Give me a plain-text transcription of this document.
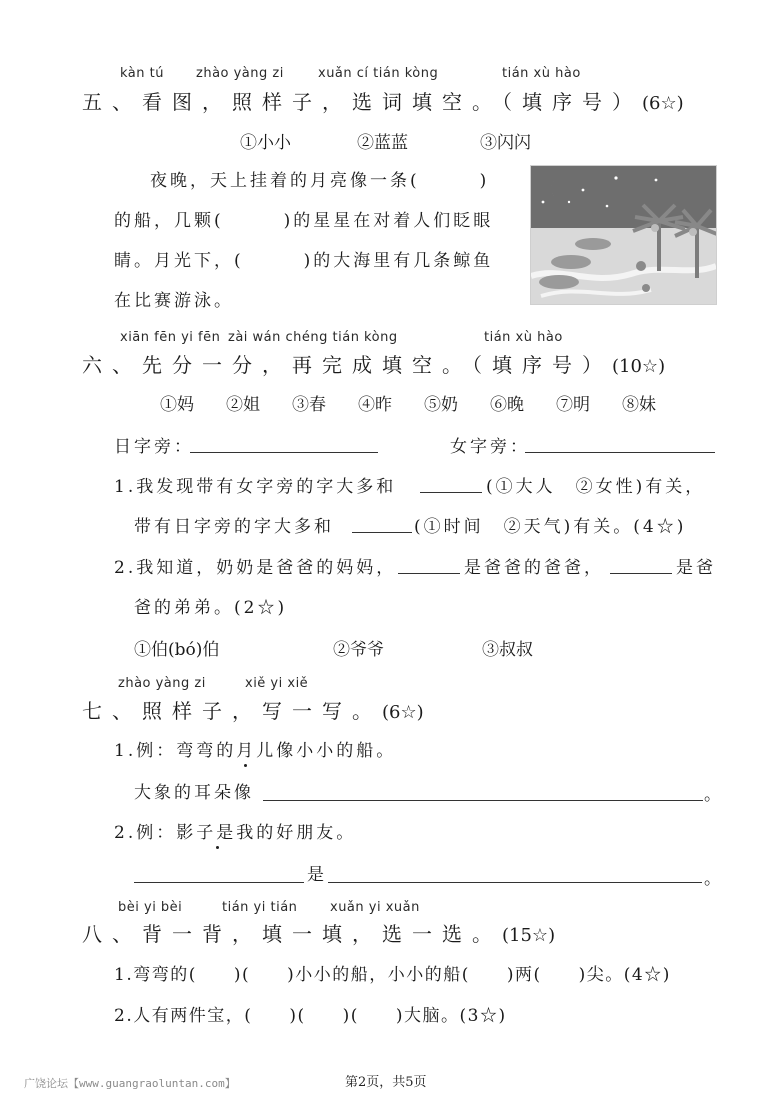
kàn tú zhào yàng zi	xuǎn cí tián kòng	tián xù hào
五、看图，照样子，选词填空。（填序号）(6☆)
①小小	②蓝蓝	③闪闪
夜晚，天上挂着的月亮像一条(　　　)
的船，几颗(　　　)的星星在对着人们眨眼
睛。月光下，(　　　)的大海里有几条鲸鱼
在比赛游泳。
xiān fēn yi fēn zài wán chéng tián kòng	tián xù hào
六、先分一分，再完成填空。（填序号）(10☆)
①妈 ②姐 ③春 ④昨 ⑤奶 ⑥晚 ⑦明 ⑧妹
日字旁：	女字旁：
1.我发现带有女字旁的字大多和	(①大人　②女性)有关，
带有日字旁的字大多和	(①时间　②天气)有关。(4☆)
2.我知道，奶奶是爸爸的妈妈，	是爸爸的爸爸，	是爸
爸的弟弟。(2☆)
①伯(bó)伯	②爷爷	③叔叔
zhào yàng zi	xiě yi xiě
七、照样子，写一写。(6☆)
1.例：弯弯的月儿像小小的船。
大象的耳朵像	。
2.例：影子是我的好朋友。
是	。
bèi yi bèi	tián yi tián	xuǎn yi xuǎn
八、背一背，填一填，选一选。(15☆)
1.弯弯的(　　)(　　)小小的船，小小的船(　　)两(　　)尖。(4☆)
2.人有两件宝，(　　)(　　)(　　)大脑。(3☆)
广饶论坛【www.guangraoluntan.com】	第2页，共5页
